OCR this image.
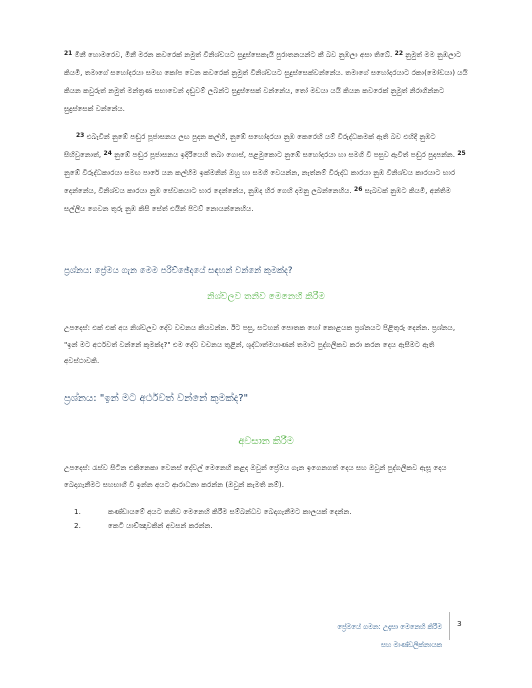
$^{21}$ මිනී හොමරෙව, මිනී මරන කවරෙක් නමුත් විනිශ්චයට සුදුස්සෙකැයි පුරාතනයන්ට කී බව නුඹලා අසා තිබේ. $^{22}$ නුමුත් මම නුඹලාට කියමි, තමාගේ සහෝදරයා සමඟ කෝප වෙන කවරෙක් නුමුත් විනිශ්චයට සුදුස්සෙක්වන්නේය. තමාගේ සහෝදරයාට රකා(මෝඩයා) යයි කියන කවුරුත් නමුත් මන්ත්‍රණ සභාවෙන් දඬුවම් ලබන්ට සුදුස්සෙක් වන්නේය, තෝ මඩයා යයි කියන කවරෙක් නුමුත් නිරාගින්නට සුදුස්සෙක් වන්නේය.

$^{23}$ එබැවින් නුඹේ පඬුර පූජාසනය ලඟ පුදන කල්හි, නුඹේ සහෝදරයා නුඹ කෙරෙහි යම් විරුද්ධකමක් ඇති බව එහිදී නුඹට සිහිවුනොත්, $^{24}$ නුඹේ පඬුර පූජාසනය ඉදිරියෙහි තබා ගොස්, පළමුකොට නුඹේ සහෝදරයා හා සමගි වී පසුව ඇවිත් පඬුර පුදපන්න. $^{25}$ නුඹේ විරුද්ධකාරයා සමඟ පාරේ යන කල්හිම ඉක්මනින් ඔහු හා සමගි වෙයන්න, නැත්නම් විරුද්ධ කාරයා නුඹ විනිශ්චය කාරයාට භාර දෙන්නේය, විනිශ්චය කාරයා නුඹ සේවකයාට භාර දෙන්නේය, නුඹද හිර ගෙහි දමනු ලබන්නෙහිය. $^{26}$ සැබවක් නුඹට කියමි, අන්තිම සල්ලිය ගෙවන තුරු නුඹ කිසි සේත් එයින් පිටව් නොයන්නෙහිය.

ප්‍රශ්නය: ප්‍රේමය ගැන මෙම පරිච්ඡේදයේ සඳහන් වන්නේ කුමක්ද?

නිශ්චලව තනිව මෙනෙහි කිරීම

උපදෙස්: එක් එක් අය නිශ්චලව දේව වචනය කියවන්න. ඊට පසු, සටහන් පොතක හෝ කොළයක ප්‍රශ්නයට පිළිතුරු දෙන්න. ප්‍රශ්නය, "ඉන් මට අර්ථවත් වන්නේ කුමක්ද?" එම දේව වචනය තුළින්, ශුද්ධාත්මයාණන් තමාට පුද්ගලිකව කරා කරන දෙය ඇසීමට ඇති අවස්ථාවකි.

ප්‍රශ්නය: "ඉන් මට අර්ථවත් වන්නේ කුමක්ද?"

අවසාන කිරීම

උපදෙස්: රැස්ව සිටින එකිනෙකා වෙනස් දේවල් මෙනෙහි කළද ඔවුන් ප්‍රේමය ගැන ඉගෙනගත් දෙය සහ ඔවුන් පුද්ගලිකව ඇසූ දෙය බෙදාගැනීමට සහභාගී වී ඉන්න අයට ආරාධනා කරන්න (ඔවුන් කැමති නම්).

1.	කණ්ඩායමේ අයට තනිව මෙනෙහි කිරීම සම්බන්ධව බෙදාගැනීමට කාලයක් දෙන්න.
2.	කෙටි යාච්ඤාවකින් අවසන් කරන්න.
ප්‍රේමයේ ගමන: උදෑසා මෙනෙහි කිරීම
සහ මාණ්ඩලික්නායක

3
